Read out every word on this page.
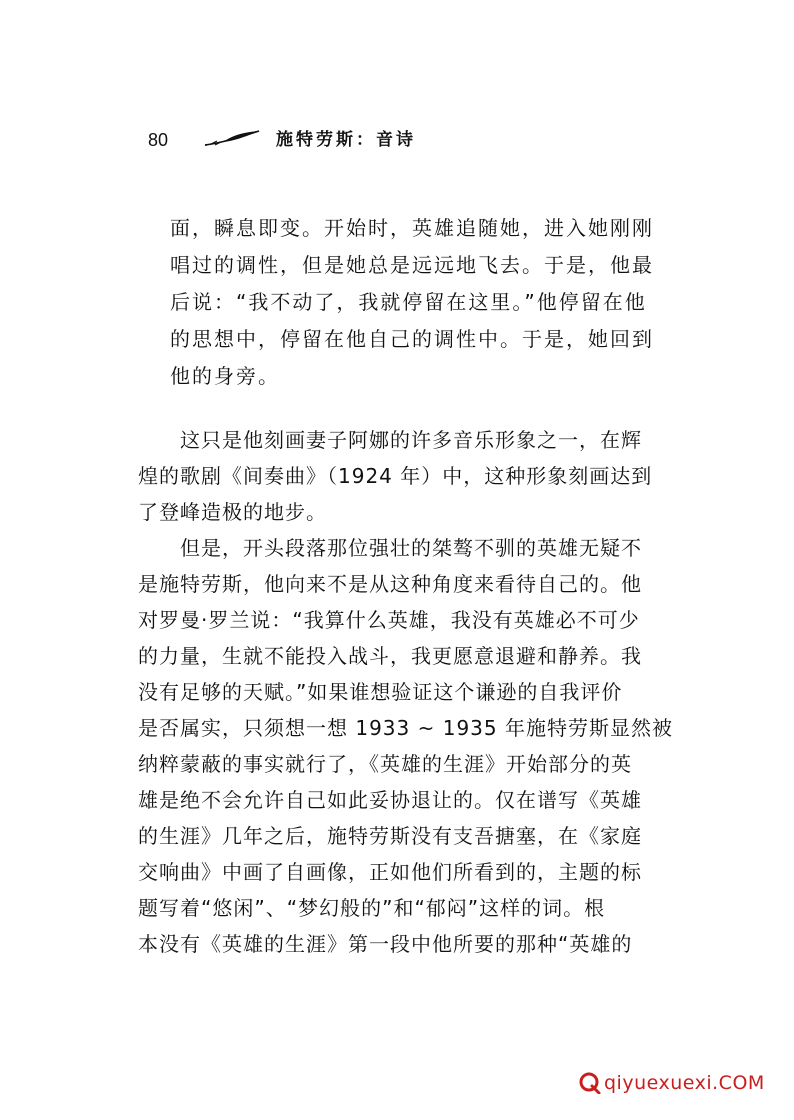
80	施特劳斯：音诗
面，瞬息即变。开始时，英雄追随她，进入她刚刚
唱过的调性，但是她总是远远地飞去。于是，他最
后说：“我不动了，我就停留在这里。”他停留在他
的思想中，停留在他自己的调性中。于是，她回到
他的身旁。
　　这只是他刻画妻子阿娜的许多音乐形象之一，在辉
煌的歌剧《间奏曲》（1924 年）中，这种形象刻画达到
了登峰造极的地步。
　　但是，开头段落那位强壮的桀骜不驯的英雄无疑不
是施特劳斯，他向来不是从这种角度来看待自己的。他
对罗曼·罗兰说：“我算什么英雄，我没有英雄必不可少
的力量，生就不能投入战斗，我更愿意退避和静养。我
没有足够的天赋。”如果谁想验证这个谦逊的自我评价
是否属实，只须想一想 1933 ~ 1935 年施特劳斯显然被
纳粹蒙蔽的事实就行了，《英雄的生涯》开始部分的英
雄是绝不会允许自己如此妥协退让的。仅在谱写《英雄
的生涯》几年之后，施特劳斯没有支吾搪塞，在《家庭
交响曲》中画了自画像，正如他们所看到的，主题的标
题写着“悠闲”、“梦幻般的”和“郁闷”这样的词。根
本没有《英雄的生涯》第一段中他所要的那种“英雄的
qiyuexuexi.COM
